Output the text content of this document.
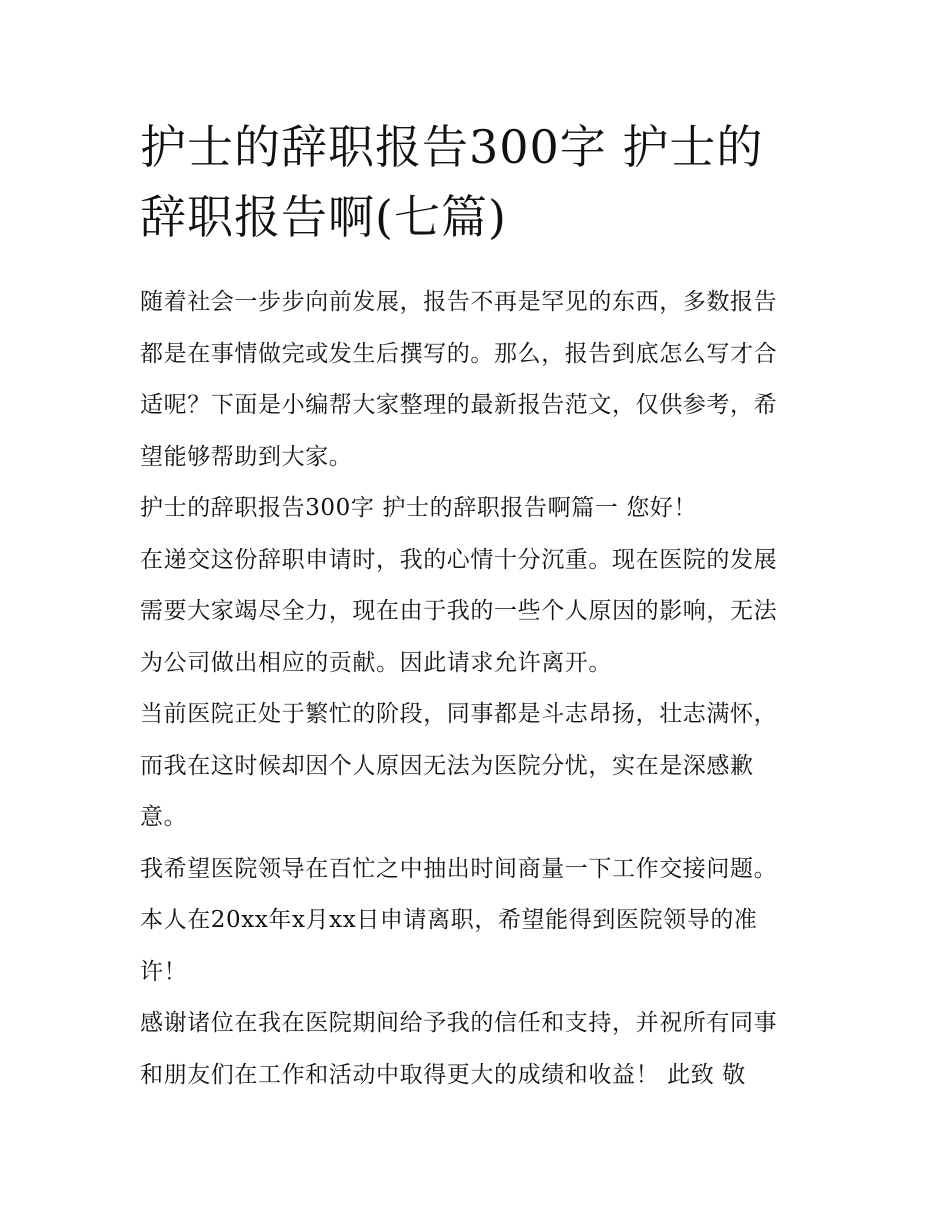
护士的辞职报告300字 护士的
辞职报告啊(七篇)

随着社会一步步向前发展，报告不再是罕见的东西，多数报告
都是在事情做完或发生后撰写的。那么，报告到底怎么写才合
适呢？下面是小编帮大家整理的最新报告范文，仅供参考，希
望能够帮助到大家。

护士的辞职报告300字 护士的辞职报告啊篇一 您好！

在递交这份辞职申请时，我的心情十分沉重。现在医院的发展
需要大家竭尽全力，现在由于我的一些个人原因的影响，无法
为公司做出相应的贡献。因此请求允许离开。

当前医院正处于繁忙的阶段，同事都是斗志昂扬，壮志满怀，
而我在这时候却因个人原因无法为医院分忧，实在是深感歉
意。

我希望医院领导在百忙之中抽出时间商量一下工作交接问题。
本人在20xx年x月xx日申请离职，希望能得到医院领导的准
许！

感谢诸位在我在医院期间给予我的信任和支持，并祝所有同事
和朋友们在工作和活动中取得更大的成绩和收益！ 此致 敬
